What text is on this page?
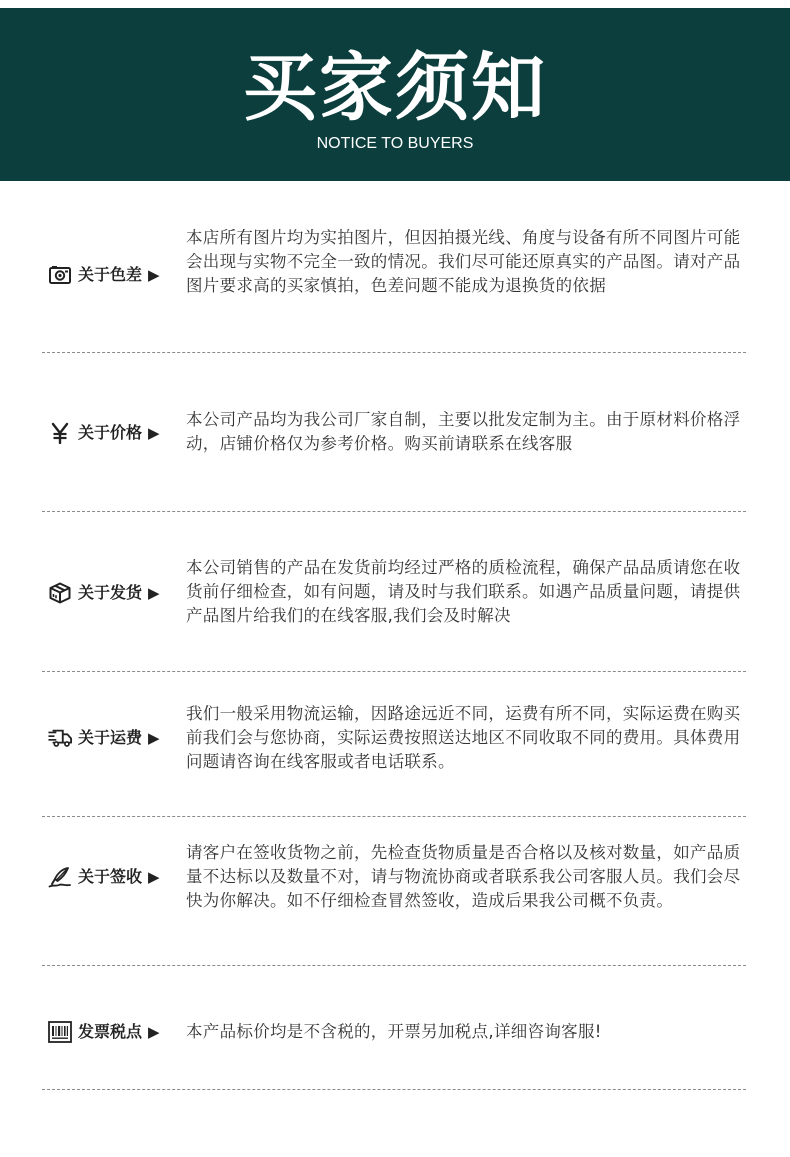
买家须知
NOTICE TO BUYERS
关于色差 ▶
本店所有图片均为实拍图片，但因拍摄光线、角度与设备有所不同图片可能会出现与实物不完全一致的情况。我们尽可能还原真实的产品图。请对产品图片要求高的买家慎拍，色差问题不能成为退换货的依据
关于价格 ▶
本公司产品均为我公司厂家自制，主要以批发定制为主。由于原材料价格浮动，店铺价格仅为参考价格。购买前请联系在线客服
关于发货 ▶
本公司销售的产品在发货前均经过严格的质检流程，确保产品品质请您在收货前仔细检查，如有问题，请及时与我们联系。如遇产品质量问题，请提供产品图片给我们的在线客服,我们会及时解决
关于运费 ▶
我们一般采用物流运输，因路途远近不同，运费有所不同，实际运费在购买前我们会与您协商，实际运费按照送达地区不同收取不同的费用。具体费用问题请咨询在线客服或者电话联系。
关于签收 ▶
请客户在签收货物之前，先检查货物质量是否合格以及核对数量，如产品质量不达标以及数量不对，请与物流协商或者联系我公司客服人员。我们会尽快为你解决。如不仔细检查冒然签收，造成后果我公司概不负责。
发票税点 ▶ 本产品标价均是不含税的，开票另加税点,详细咨询客服!
